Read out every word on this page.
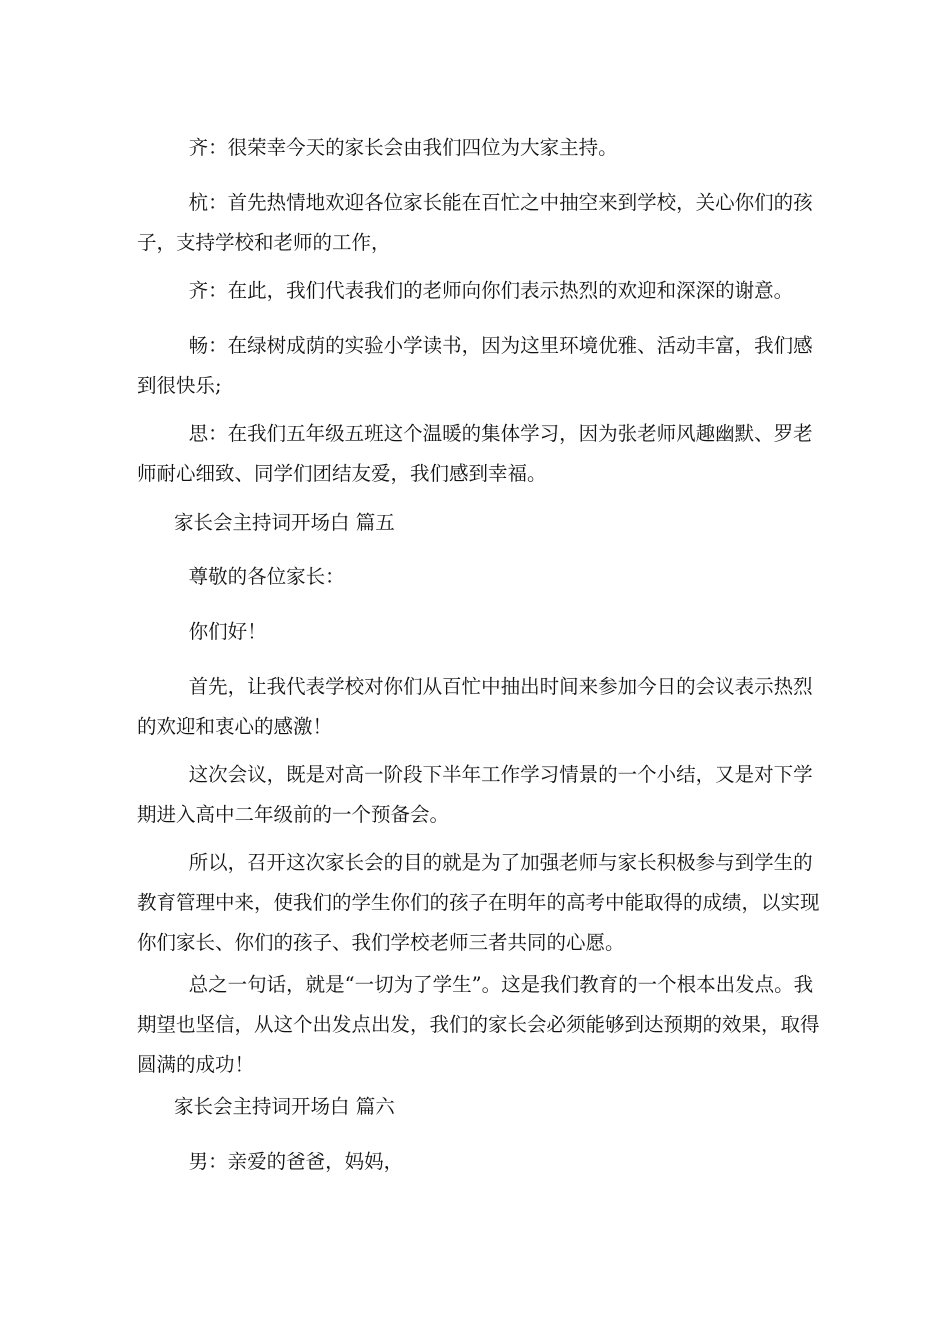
齐：很荣幸今天的家长会由我们四位为大家主持。

杭：首先热情地欢迎各位家长能在百忙之中抽空来到学校，关心你们的孩子，支持学校和老师的工作，

齐：在此，我们代表我们的老师向你们表示热烈的欢迎和深深的谢意。

畅：在绿树成荫的实验小学读书，因为这里环境优雅、活动丰富，我们感到很快乐;

思：在我们五年级五班这个温暖的集体学习，因为张老师风趣幽默、罗老师耐心细致、同学们团结友爱，我们感到幸福。

家长会主持词开场白 篇五

尊敬的各位家长：

你们好！

首先，让我代表学校对你们从百忙中抽出时间来参加今日的会议表示热烈的欢迎和衷心的感激！

这次会议，既是对高一阶段下半年工作学习情景的一个小结，又是对下学期进入高中二年级前的一个预备会。

所以，召开这次家长会的目的就是为了加强老师与家长积极参与到学生的教育管理中来，使我们的学生你们的孩子在明年的高考中能取得的成绩，以实现你们家长、你们的孩子、我们学校老师三者共同的心愿。

总之一句话，就是“一切为了学生”。这是我们教育的一个根本出发点。我期望也坚信，从这个出发点出发，我们的家长会必须能够到达预期的效果，取得圆满的成功！

家长会主持词开场白 篇六

男：亲爱的爸爸，妈妈，
